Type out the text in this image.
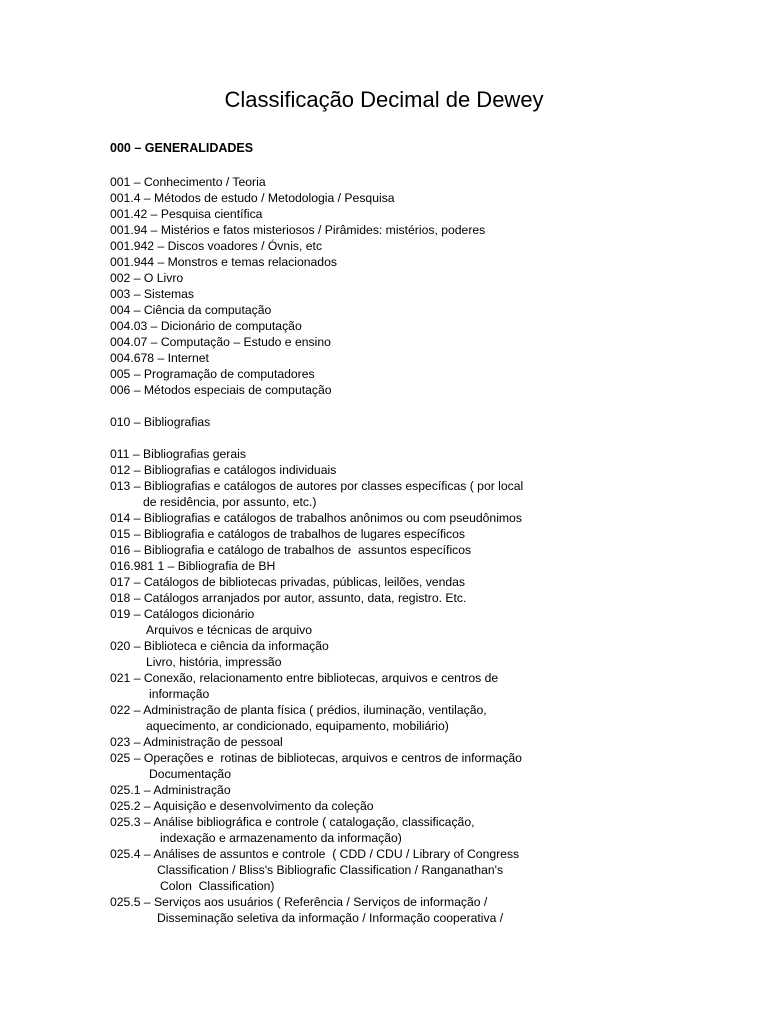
Classificação Decimal de Dewey
000 – GENERALIDADES
001 – Conhecimento / Teoria
001.4 – Métodos de estudo / Metodologia / Pesquisa
001.42 – Pesquisa científica
001.94 – Mistérios e fatos misteriosos / Pirâmides: mistérios, poderes
001.942 – Discos voadores / Óvnis, etc
001.944 – Monstros e temas relacionados
002 – O Livro
003 – Sistemas
004 – Ciência da computação
004.03 – Dicionário de computação
004.07 – Computação – Estudo e ensino
004.678 – Internet
005 – Programação de computadores
006 – Métodos especiais de computação
010 – Bibliografias
011 – Bibliografias gerais
012 – Bibliografias e catálogos individuais
013 – Bibliografias e catálogos de autores por classes específicas ( por local
de residência, por assunto, etc.)
014 – Bibliografias e catálogos de trabalhos anônimos ou com pseudônimos
015 – Bibliografia e catálogos de trabalhos de lugares específicos
016 – Bibliografia e catálogo de trabalhos de  assuntos específicos
016.981 1 – Bibliografia de BH
017 – Catálogos de bibliotecas privadas, públicas, leilões, vendas
018 – Catálogos arranjados por autor, assunto, data, registro. Etc.
019 – Catálogos dicionário
Arquivos e técnicas de arquivo
020 – Biblioteca e ciência da informação
Livro, história, impressão
021 – Conexão, relacionamento entre bibliotecas, arquivos e centros de
informação
022 – Administração de planta física ( prédios, iluminação, ventilação,
aquecimento, ar condicionado, equipamento, mobiliário)
023 – Administração de pessoal
025 – Operações e  rotinas de bibliotecas, arquivos e centros de informação
Documentação
025.1 – Administração
025.2 – Aquisição e desenvolvimento da coleção
025.3 – Análise bibliográfica e controle ( catalogação, classificação,
indexação e armazenamento da informação)
025.4 – Análises de assuntos e controle  ( CDD / CDU / Library of Congress
Classification / Bliss's Bibliografic Classification / Ranganathan's
Colon  Classification)
025.5 – Serviços aos usuários ( Referência / Serviços de informação /
Disseminação seletiva da informação / Informação cooperativa /
